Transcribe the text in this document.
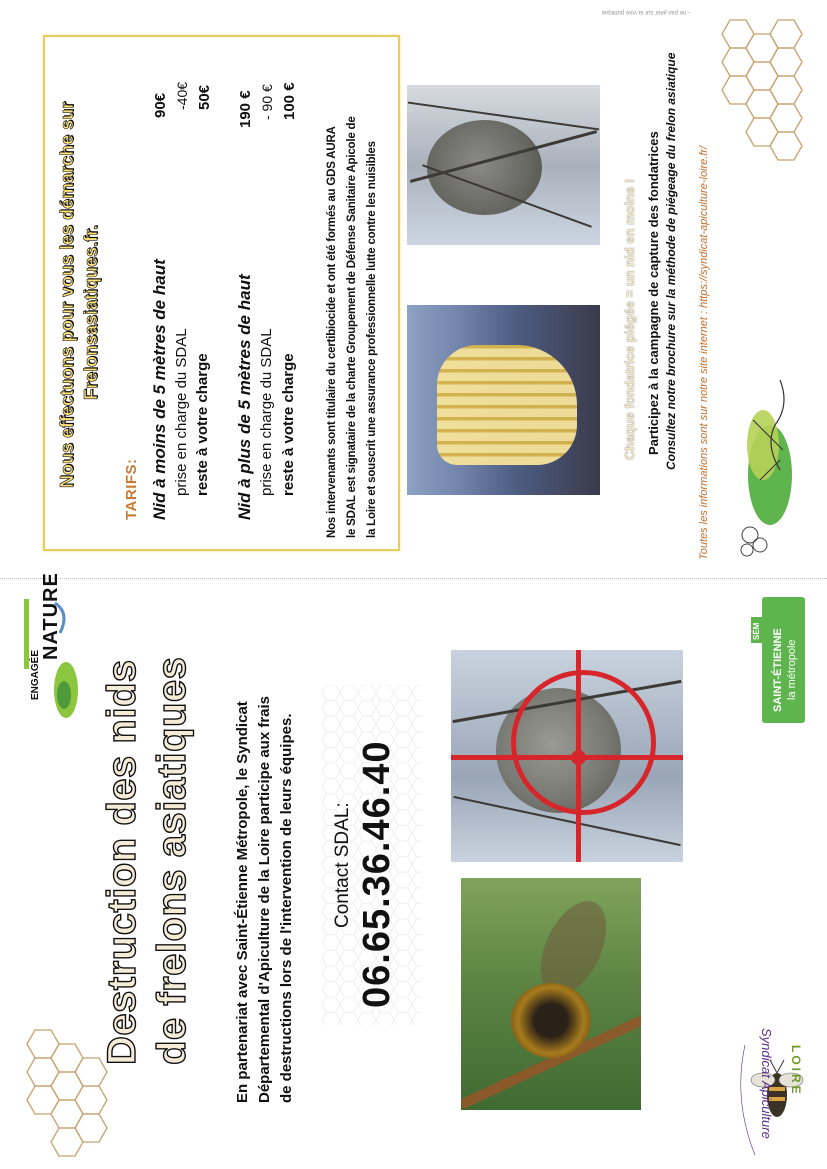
- ne pas jeter sur la voie publique
Nous effectuons pour vous les démarche sur Frelonsasiatiques.fr.
TARIFS: Nid à moins de 5 mètres de haut
90€
prise en charge du SDAL
-40€
reste à votre charge
50€
Nid à plus de 5 mètres de haut
190 €
prise en charge du SDAL
- 90 €
reste à votre charge
100 €
Nos intervenants sont titulaire du certibiocide et ont été formés au GDS AURA le SDAL est signataire de la charte Groupement de Défense Sanitaire Apicole de la Loire et souscrit une assurance professionnelle lutte contre les nuisibles	Chaque fondatrice piégée = un nid en moins ! Participez à la campagne de capture des fondatrices Consultez notre brochure sur la méthode de piégeage du frelon asiatique Toutes les informations sont sur notre site internet : https://syndicat-apiculture-loire.fr/
Destruction des nids de frelons asiatiques	En partenariat avec Saint-Étienne Métropole, le Syndicat Départemental d'Apiculture de la Loire participe aux frais de destructions lors de l'intervention de leurs équipes. Contact SDAL: 06.65.36.46.40
ENGAGÉE
NATURE	SÉM SAINT-ÉTIENNE la métropole
Syndicat Apiculture LOIRE
